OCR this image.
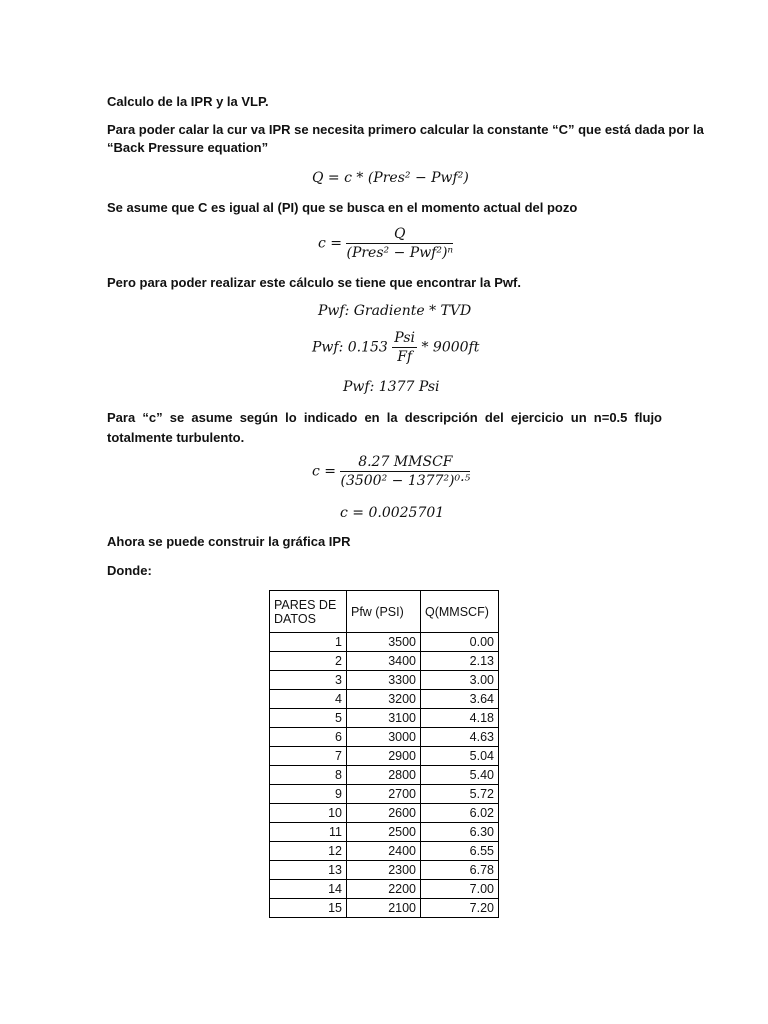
Calculo de la IPR y la VLP.
Para poder calar la cur va IPR se necesita primero calcular la constante “C” que está dada por la
“Back Pressure equation”
Q = c * (Pres² − Pwf²)
Se asume que C es igual al (PI) que se busca en el momento actual del pozo
$c = \frac{Q}{\text{(Pres² − Pwf²)ⁿ}}$
Pero para poder realizar este cálculo se tiene que encontrar la Pwf.
Pwf: Gradiente * TVD
Pwf: $0.153 \frac{\text{Psi}}{Ff} * 9000ft$
Pwf: 1377 Psi
Para “c” se asume según lo indicado en la descripción del ejercicio un n=0.5 flujo totalmente turbulento.
$c = \frac{\text{8.27 MMSCF}}{\text{(3500² − 1377²)⁰·⁵}}$
c = 0.0025701
Ahora se puede construir la gráfica IPR
Donde:
PARES DE DATOS	Pfw (PSI)	Q(MMSCF)
1	3500	0.00
2	3400	2.13
3	3300	3.00
4	3200	3.64
5	3100	4.18
6	3000	4.63
7	2900	5.04
8	2800	5.40
9	2700	5.72
10	2600	6.02
11	2500	6.30
12	2400	6.55
13	2300	6.78
14	2200	7.00
15	2100	7.20
